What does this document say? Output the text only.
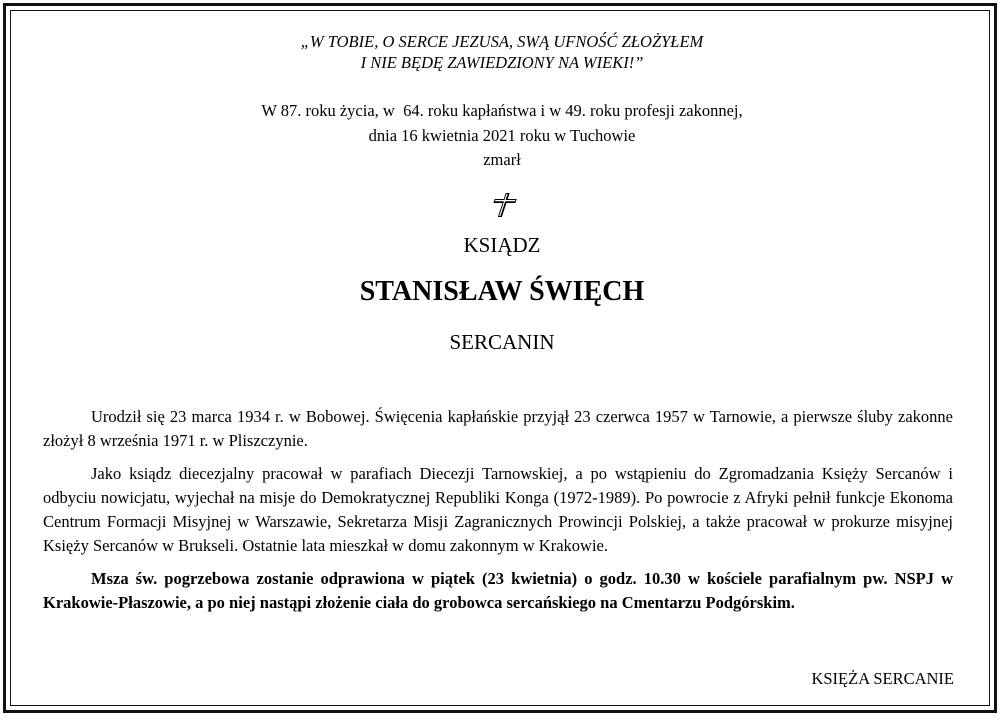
„W TOBIE, O SERCE JEZUSA, SWĄ UFNOŚĆ ZŁOŻYŁEM
I NIE BĘDĘ ZAWIEDZIONY NA WIEKI!”
W 87. roku życia, w  64. roku kapłaństwa i w 49. roku profesji zakonnej,
dnia 16 kwietnia 2021 roku w Tuchowie
zmarł
KSIĄDZ
STANISŁAW ŚWIĘCH
SERCANIN

Urodził się 23 marca 1934 r. w Bobowej. Święcenia kapłańskie przyjął 23 czerwca 1957 w Tarnowie, a pierwsze śluby zakonne złożył 8 września 1971 r. w Pliszczynie.

Jako ksiądz diecezjalny pracował w parafiach Diecezji Tarnowskiej, a po wstąpieniu do Zgromadzania Księży Sercanów i odbyciu nowicjatu, wyjechał na misje do Demokratycznej Republiki Konga (1972-1989). Po powrocie z Afryki pełnił funkcje Ekonoma Centrum Formacji Misyjnej w Warszawie, Sekretarza Misji Zagranicznych Prowincji Polskiej, a także pracował w prokurze misyjnej Księży Sercanów w Brukseli. Ostatnie lata mieszkał w domu zakonnym w Krakowie.

Msza św. pogrzebowa zostanie odprawiona w piątek (23 kwietnia) o godz. 10.30 w kościele parafialnym pw. NSPJ w Krakowie-Płaszowie, a po niej nastąpi złożenie ciała do grobowca sercańskiego na Cmentarzu Podgórskim.

KSIĘŻA SERCANIE
